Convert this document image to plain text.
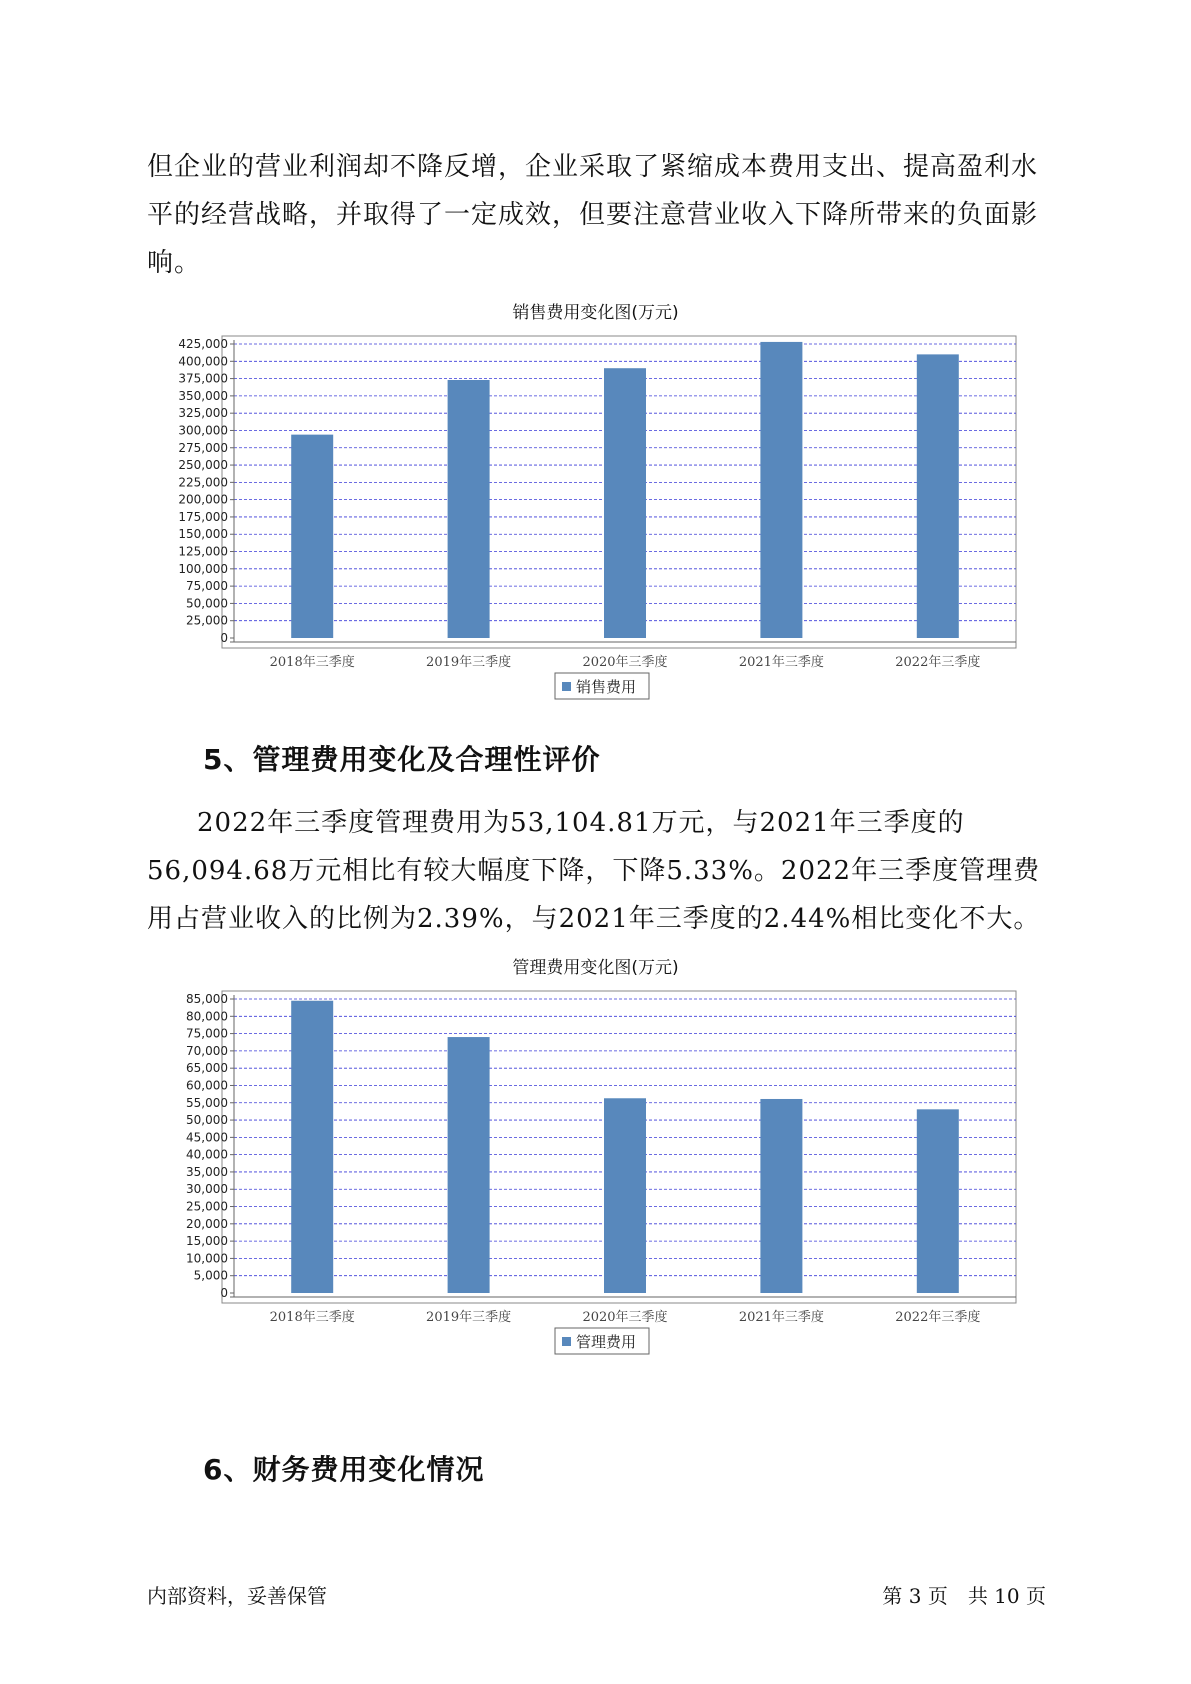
但企业的营业利润却不降反增，企业采取了紧缩成本费用支出、提高盈利水平的经营战略，并取得了一定成效，但要注意营业收入下降所带来的负面影响。

销售费用变化图(万元)
0
25,000
50,000
75,000
100,000
125,000
150,000
175,000
200,000
225,000
250,000
275,000
300,000
325,000
350,000
375,000
400,000
425,000
2018年三季度	2019年三季度	2020年三季度	2021年三季度	2022年三季度
销售费用
5、管理费用变化及合理性评价

2022年三季度管理费用为53,104.81万元，与2021年三季度的56,094.68万元相比有较大幅度下降，下降5.33%。2022年三季度管理费用占营业收入的比例为2.39%，与2021年三季度的2.44%相比变化不大。

管理费用变化图(万元)
0
5,000
10,000
15,000
20,000
25,000
30,000
35,000
40,000
45,000
50,000
55,000
60,000
65,000
70,000
75,000
80,000
85,000
2018年三季度	2019年三季度	2020年三季度	2021年三季度	2022年三季度
管理费用
6、财务费用变化情况
内部资料，妥善保管	第 3 页　共 10 页
